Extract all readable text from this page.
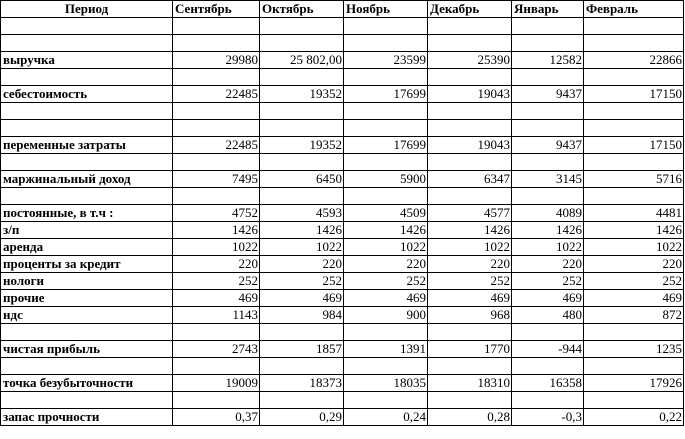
Период	Сентябрь	Октябрь	Ноябрь	Декабрь	Январь	Февраль

выручка	29980	25 802,00	23599	25390	12582	22866

себестоимость	22485	19352	17699	19043	9437	17150

переменные затраты	22485	19352	17699	19043	9437	17150

маржинальный доход	7495	6450	5900	6347	3145	5716

постоянные, в т.ч :	4752	4593	4509	4577	4089	4481
з/п	1426	1426	1426	1426	1426	1426
аренда	1022	1022	1022	1022	1022	1022
проценты за кредит	220	220	220	220	220	220
нологи	252	252	252	252	252	252
прочие	469	469	469	469	469	469
ндс	1143	984	900	968	480	872

чистая прибыль	2743	1857	1391	1770	-944	1235

точка безубыточности	19009	18373	18035	18310	16358	17926

запас прочности	0,37	0,29	0,24	0,28	-0,3	0,22
